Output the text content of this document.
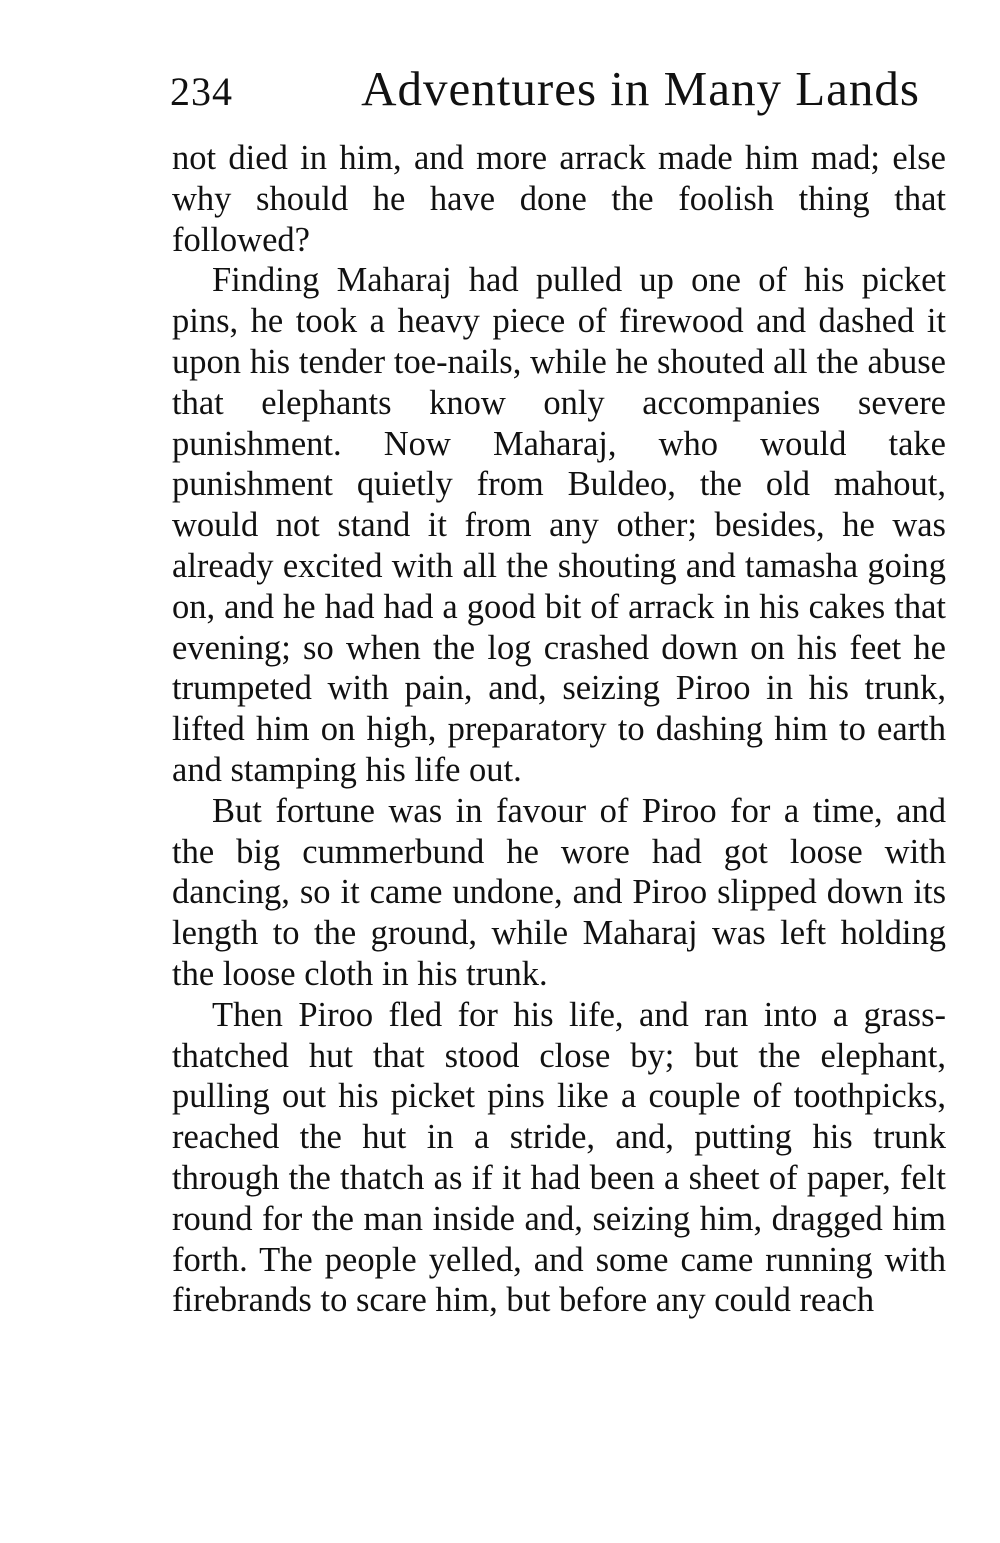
234	Adventures in Many Lands

not died in him, and more arrack made him mad; else why should he have done the foolish thing that followed?

Finding Maharaj had pulled up one of his picket pins, he took a heavy piece of firewood and dashed it upon his tender toe-nails, while he shouted all the abuse that elephants know only accompanies severe punishment. Now Maharaj, who would take punishment quietly from Buldeo, the old mahout, would not stand it from any other; besides, he was already excited with all the shouting and tamasha going on, and he had had a good bit of arrack in his cakes that evening; so when the log crashed down on his feet he trumpeted with pain, and, seizing Piroo in his trunk, lifted him on high, preparatory to dashing him to earth and stamping his life out.

But fortune was in favour of Piroo for a time, and the big cummerbund he wore had got loose with dancing, so it came undone, and Piroo slipped down its length to the ground, while Maharaj was left holding the loose cloth in his trunk.

Then Piroo fled for his life, and ran into a grass-thatched hut that stood close by; but the elephant, pulling out his picket pins like a couple of toothpicks, reached the hut in a stride, and, putting his trunk through the thatch as if it had been a sheet of paper, felt round for the man inside and, seizing him, dragged him forth. The people yelled, and some came running with firebrands to scare him, but before any could reach
